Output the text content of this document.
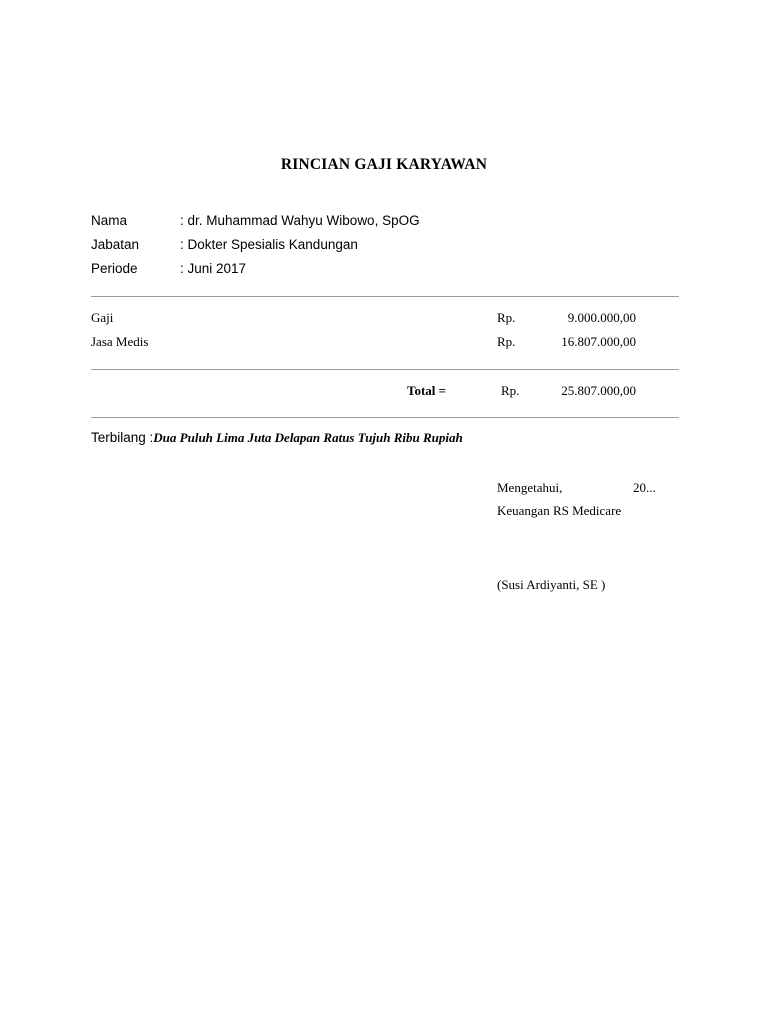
RINCIAN GAJI KARYAWAN
Nama	: dr. Muhammad Wahyu Wibowo, SpOG
Jabatan	: Dokter Spesialis Kandungan
Periode	: Juni 2017
Gaji	Rp.	9.000.000,00
Jasa Medis	Rp.	16.807.000,00
Total =	Rp.	25.807.000,00
Terbilang :Dua Puluh Lima Juta Delapan Ratus Tujuh Ribu Rupiah
Mengetahui,	20...
Keuangan RS Medicare
(Susi Ardiyanti, SE )
